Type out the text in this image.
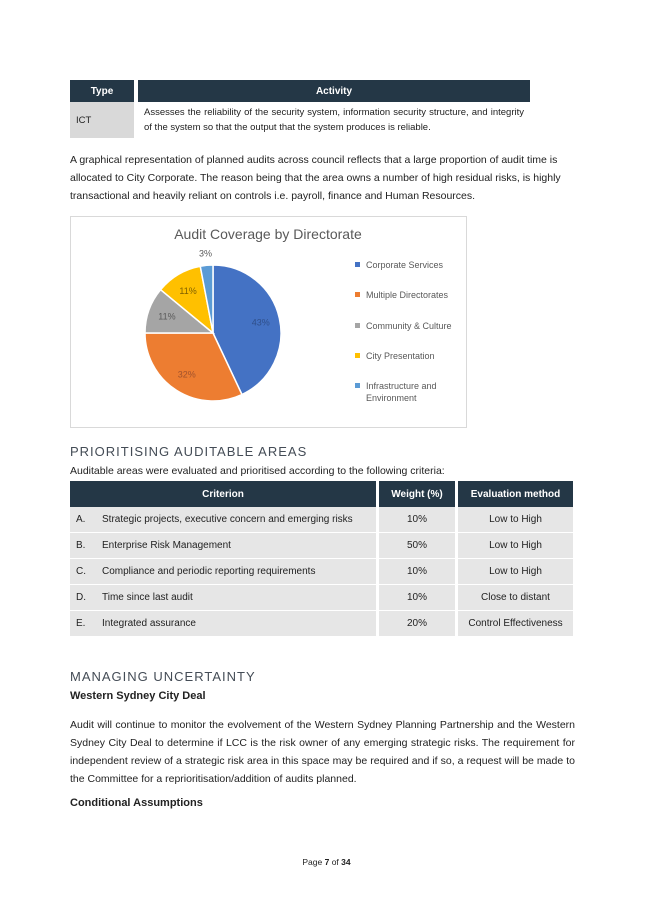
Type	Activity
ICT	Assesses the reliability of the security system, information security structure, and integrity of the system so that the output that the system produces is reliable.
A graphical representation of planned audits across council reflects that a large proportion of audit time is allocated to City Corporate. The reason being that the area owns a number of high residual risks, is highly transactional and heavily reliant on controls i.e. payroll, finance and Human Resources.
Audit Coverage by Directorate
43%
32%
11%
11%
3%
Corporate Services
Multiple Directorates
Community & Culture
City Presentation
Infrastructure and Environment
PRIORITISING AUDITABLE AREAS
Auditable areas were evaluated and prioritised according to the following criteria:
Criterion	Weight (%)	Evaluation method
A. Strategic projects, executive concern and emerging risks	10%	Low to High
B. Enterprise Risk Management	50%	Low to High
C. Compliance and periodic reporting requirements	10%	Low to High
D. Time since last audit	10%	Close to distant
E. Integrated assurance	20%	Control Effectiveness
MANAGING UNCERTAINTY
Western Sydney City Deal
Audit will continue to monitor the evolvement of the Western Sydney Planning Partnership and the Western Sydney City Deal to determine if LCC is the risk owner of any emerging strategic risks. The requirement for independent review of a strategic risk area in this space may be required and if so, a request will be made to the Committee for a reprioritisation/addition of audits planned.
Conditional Assumptions
Page 7 of 34
